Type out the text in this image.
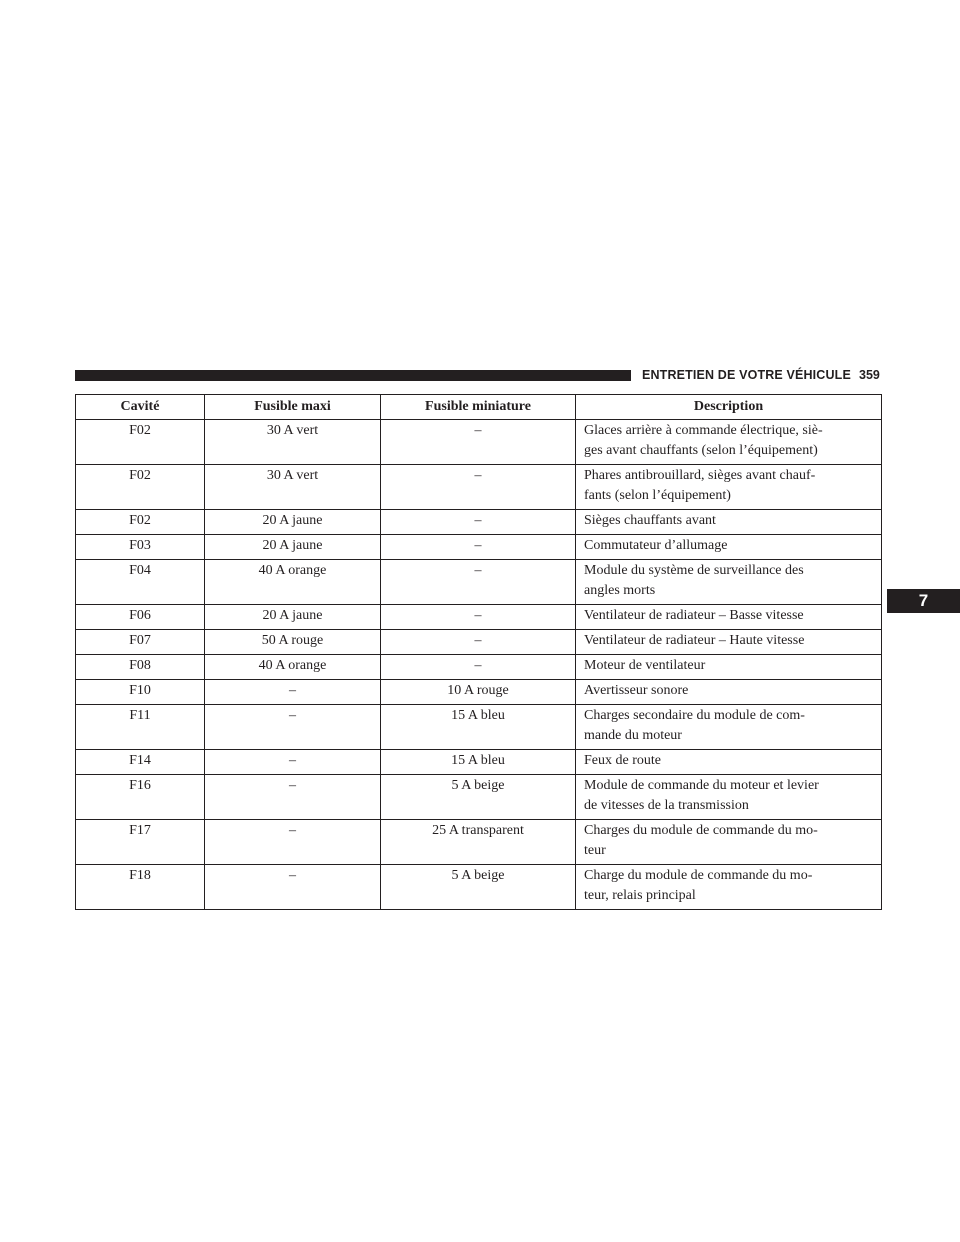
ENTRETIEN DE VOTRE VÉHICULE 359
7
Cavité	Fusible maxi	Fusible miniature	Description
F02	30 A vert	–	Glaces arrière à commande électrique, siè-
ges avant chauffants (selon l’équipement)

F02	30 A vert	–	Phares antibrouillard, sièges avant chauf-
fants (selon l’équipement)

F02	20 A jaune	–	Sièges chauffants avant

F03	20 A jaune	–	Commutateur d’allumage

F04	40 A orange	–	Module du système de surveillance des
angles morts

F06	20 A jaune	–	Ventilateur de radiateur – Basse vitesse

F07	50 A rouge	–	Ventilateur de radiateur – Haute vitesse

F08	40 A orange	–	Moteur de ventilateur

F10	–	10 A rouge	Avertisseur sonore

F11	–	15 A bleu	Charges secondaire du module de com-
mande du moteur

F14	–	15 A bleu	Feux de route

F16	–	5 A beige	Module de commande du moteur et levier
de vitesses de la transmission

F17	–	25 A transparent	Charges du module de commande du mo-
teur

F18	–	5 A beige	Charge du module de commande du mo-
teur, relais principal
